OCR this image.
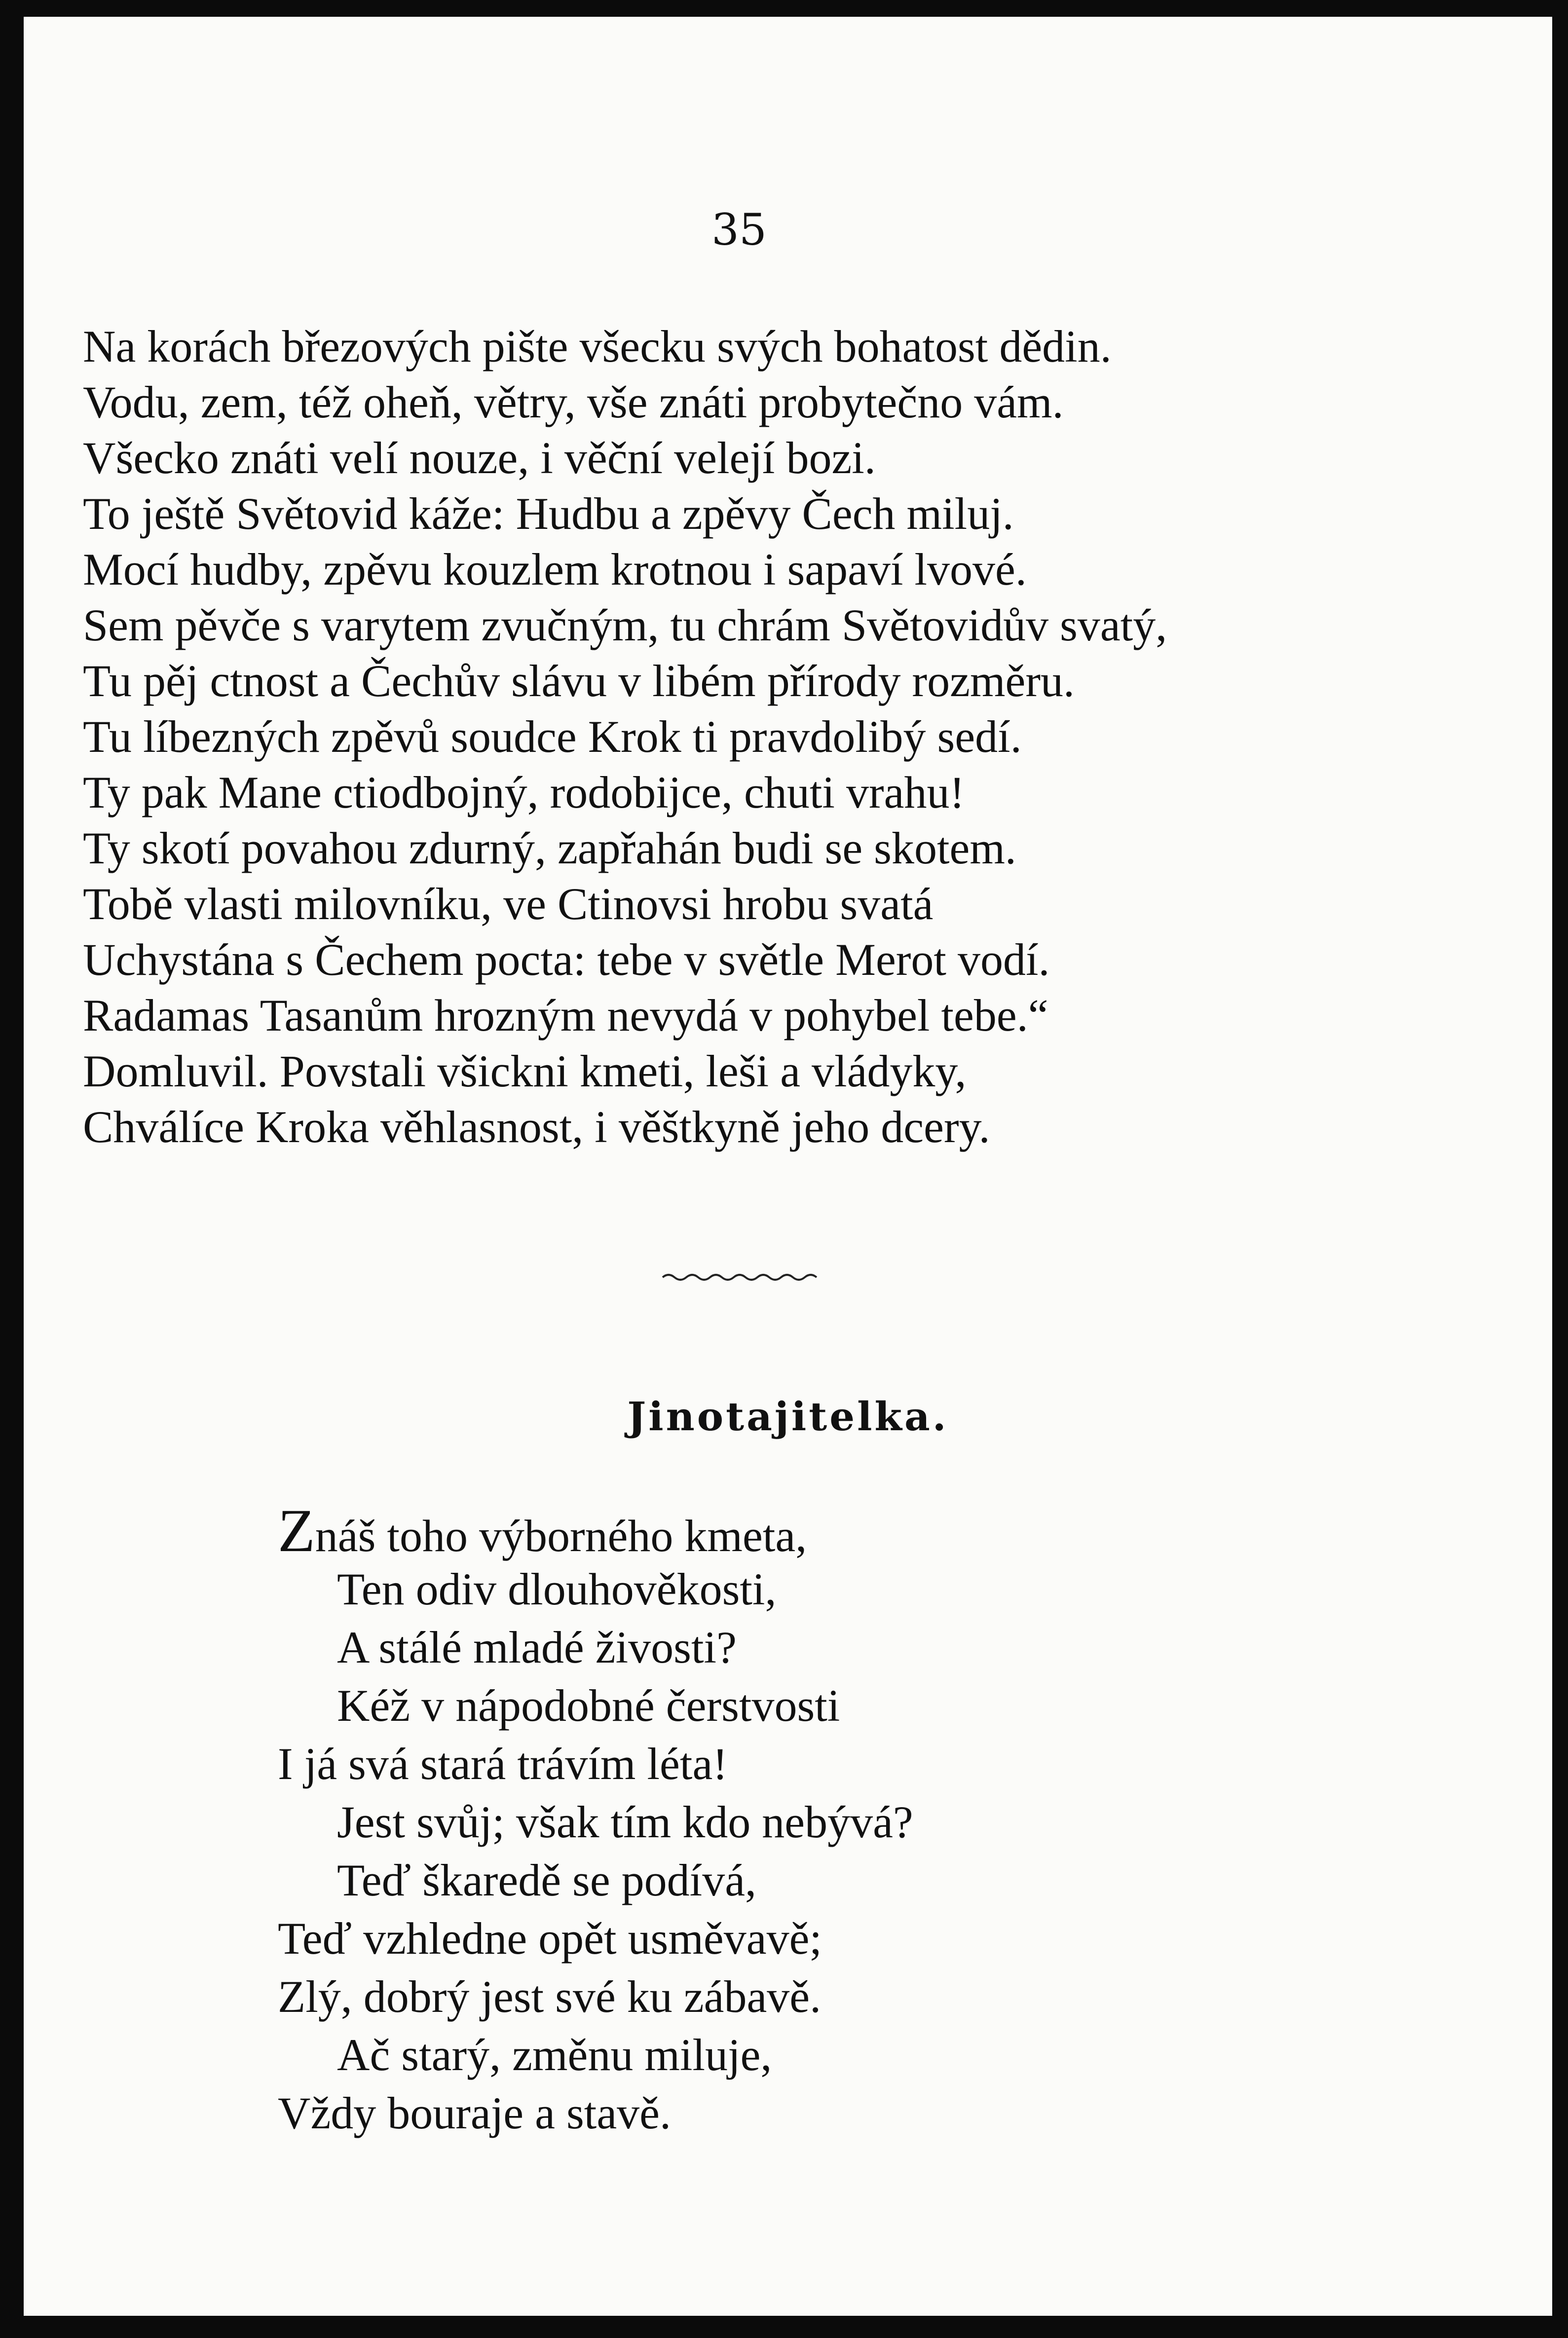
35
Na korách březových pište všecku svých bohatost dědin.
Vodu, zem, též oheň, větry, vše znáti probytečno vám.
Všecko znáti velí nouze, i věční velejí bozi.
To ještě Světovid káže: Hudbu a zpěvy Čech miluj.
Mocí hudby, zpěvu kouzlem krotnou i sapaví lvové.
Sem pěvče s varytem zvučným, tu chrám Světovidův svatý,
Tu pěj ctnost a Čechův slávu v libém přírody rozměru.
Tu líbezných zpěvů soudce Krok ti pravdolibý sedí.
Ty pak Mane ctiodbojný, rodobijce, chuti vrahu!
Ty skotí povahou zdurný, zapřahán budi se skotem.
Tobě vlasti milovníku, ve Ctinovsi hrobu svatá
Uchystána s Čechem pocta: tebe v světle Merot vodí.
Radamas Tasanům hrozným nevydá v pohybel tebe.“
Domluvil. Povstali všickni kmeti, leši a vládyky,
Chválíce Kroka věhlasnost, i věštkyně jeho dcery.
Jinotajitelka.
Znáš toho výborného kmeta,
Ten odiv dlouhověkosti,
A stálé mladé živosti?
Kéž v nápodobné čerstvosti
I já svá stará trávím léta!
Jest svůj; však tím kdo nebývá?
Teď škaredě se podívá,
Teď vzhledne opět usměvavě;
Zlý, dobrý jest své ku zábavě.
Ač starý, změnu miluje,
Vždy bouraje a stavě.
